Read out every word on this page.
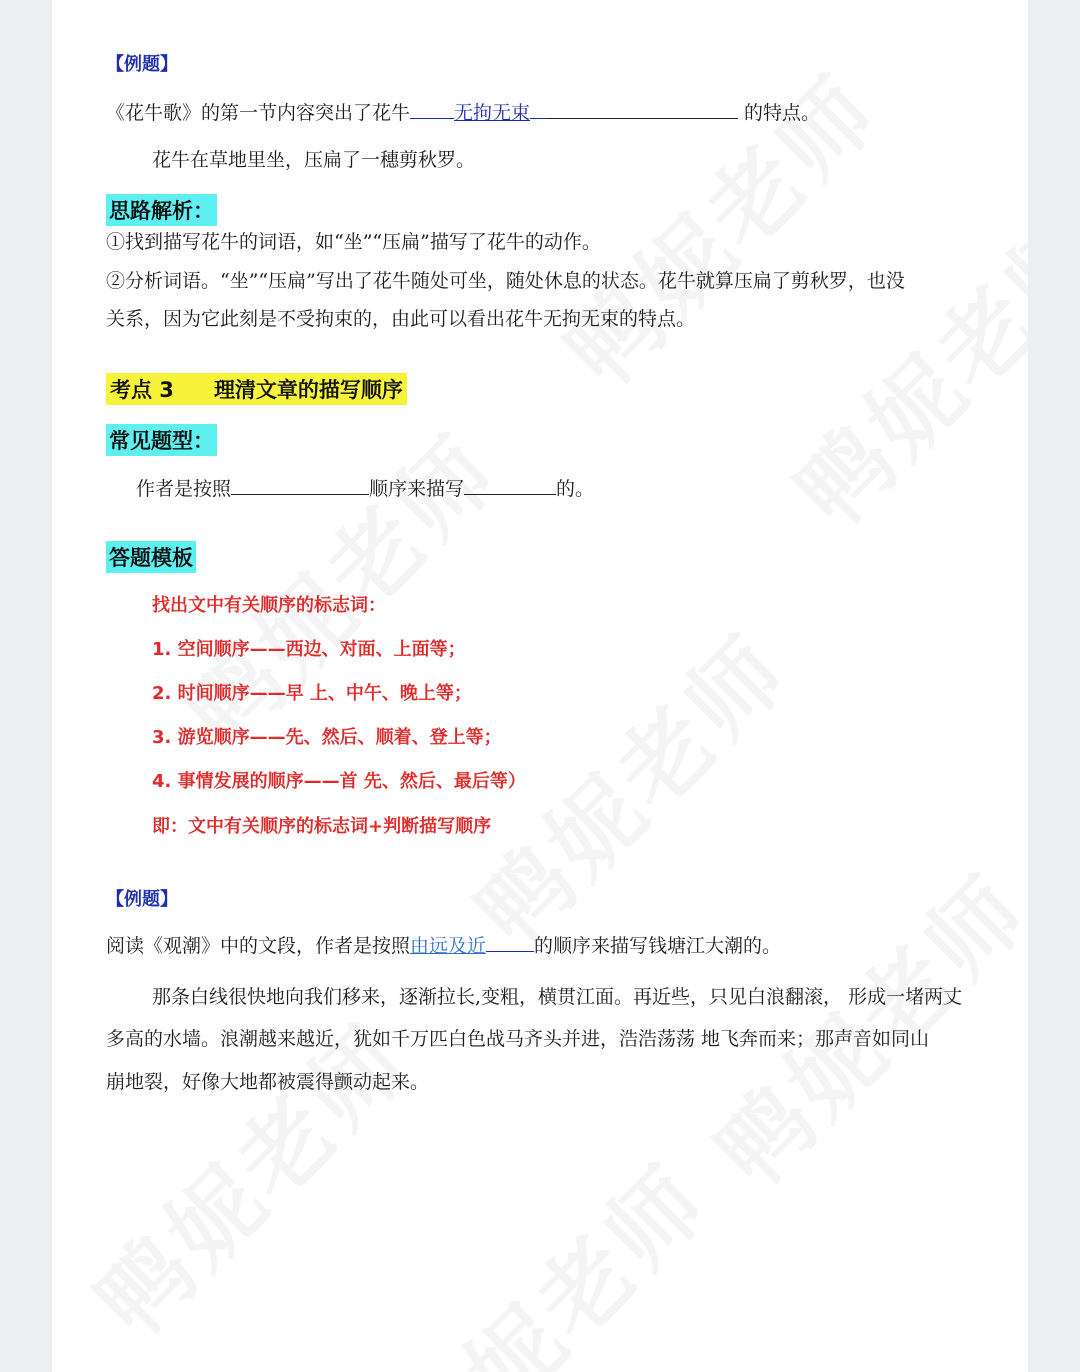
【例题】
《花牛歌》的第一节内容突出了花牛 无拘无束	的特点。
花牛在草地里坐，压扁了一穗剪秋罗。
思路解析：
①找到描写花牛的词语，如“坐”“压扁”描写了花牛的动作。
②分析词语。“坐”“压扁”写出了花牛随处可坐，随处休息的状态。花牛就算压扁了剪秋罗，也没
关系，因为它此刻是不受拘束的，由此可以看出花牛无拘无束的特点。
考点 3 理清文章的描写顺序
常见题型：
作者是按照	顺序来描写	的。
答题模板
找出文中有关顺序的标志词：
1. 空间顺序——西边、对面、上面等；
2. 时间顺序——早 上、中午、晚上等；
3. 游览顺序——先、然后、顺着、登上等；
4. 事情发展的顺序——首 先、然后、最后等）
即：文中有关顺序的标志词+判断描写顺序
【例题】
阅读《观潮》中的文段，作者是按照由远及近	的顺序来描写钱塘江大潮的。
那条白线很快地向我们移来，逐渐拉长,变粗，横贯江面。再近些，只见白浪翻滚， 形成一堵两丈
多高的水墙。浪潮越来越近，犹如千万匹白色战马齐头并进，浩浩荡荡 地飞奔而来；那声音如同山
崩地裂，好像大地都被震得颤动起来。
